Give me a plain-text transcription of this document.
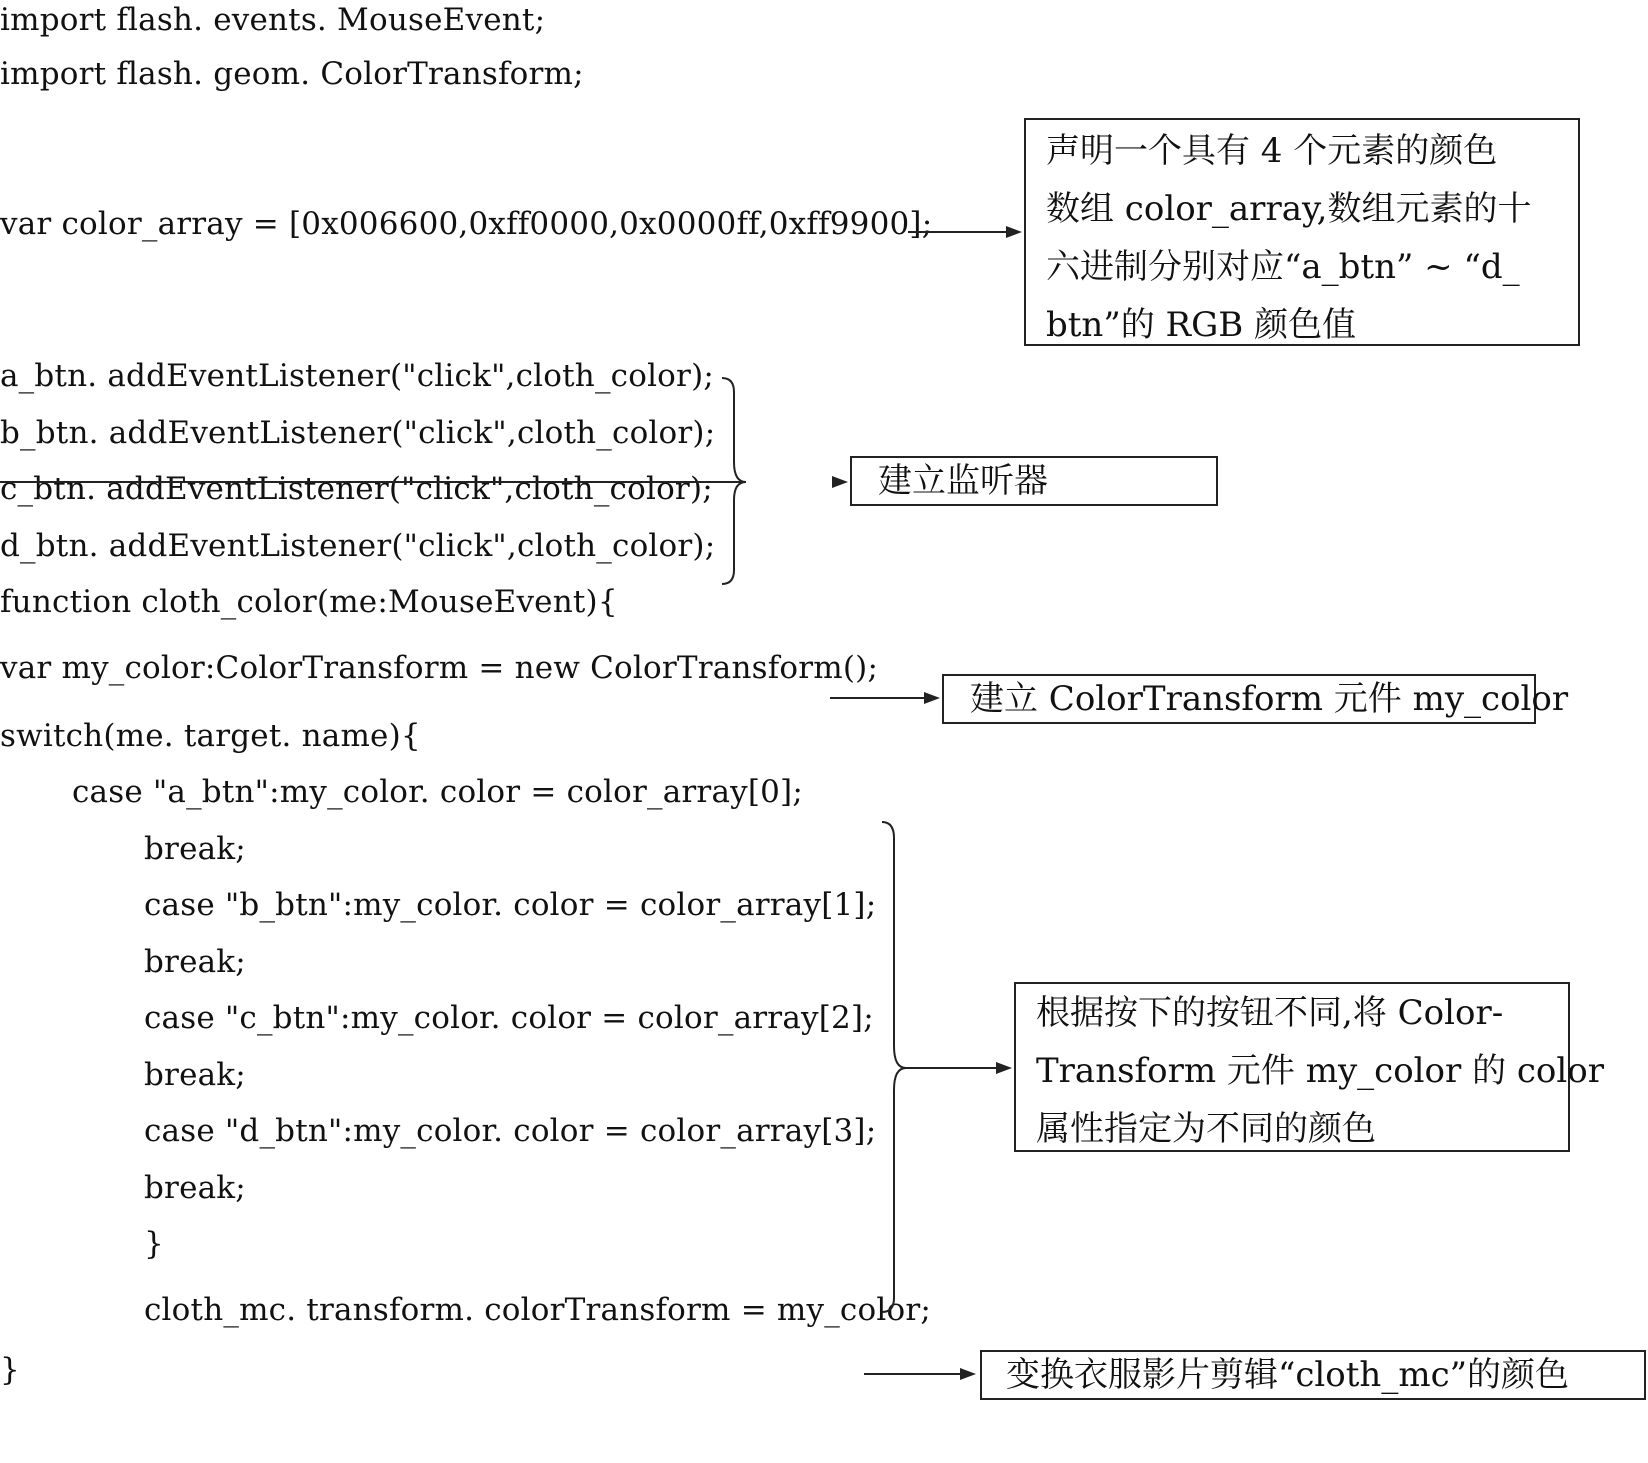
import flash. events. MouseEvent;
import flash. geom. ColorTransform;
var color_array = [0x006600,0xff0000,0x0000ff,0xff9900];
a_btn. addEventListener("click",cloth_color);
b_btn. addEventListener("click",cloth_color);
c_btn. addEventListener("click",cloth_color);
d_btn. addEventListener("click",cloth_color);
function cloth_color(me:MouseEvent){
var my_color:ColorTransform = new ColorTransform();
switch(me. target. name){
case "a_btn":my_color. color = color_array[0];
break;
case "b_btn":my_color. color = color_array[1];
break;
case "c_btn":my_color. color = color_array[2];
break;
case "d_btn":my_color. color = color_array[3];
break;
}
cloth_mc. transform. colorTransform = my_color;
}
声明一个具有 4 个元素的颜色
数组 color_array,数组元素的十
六进制分别对应“a_btn” ~ “d_
btn”的 RGB 颜色值
建立监听器
建立 ColorTransform 元件 my_color
根据按下的按钮不同,将 Color-
Transform 元件 my_color 的 color
属性指定为不同的颜色
变换衣服影片剪辑“cloth_mc”的颜色
